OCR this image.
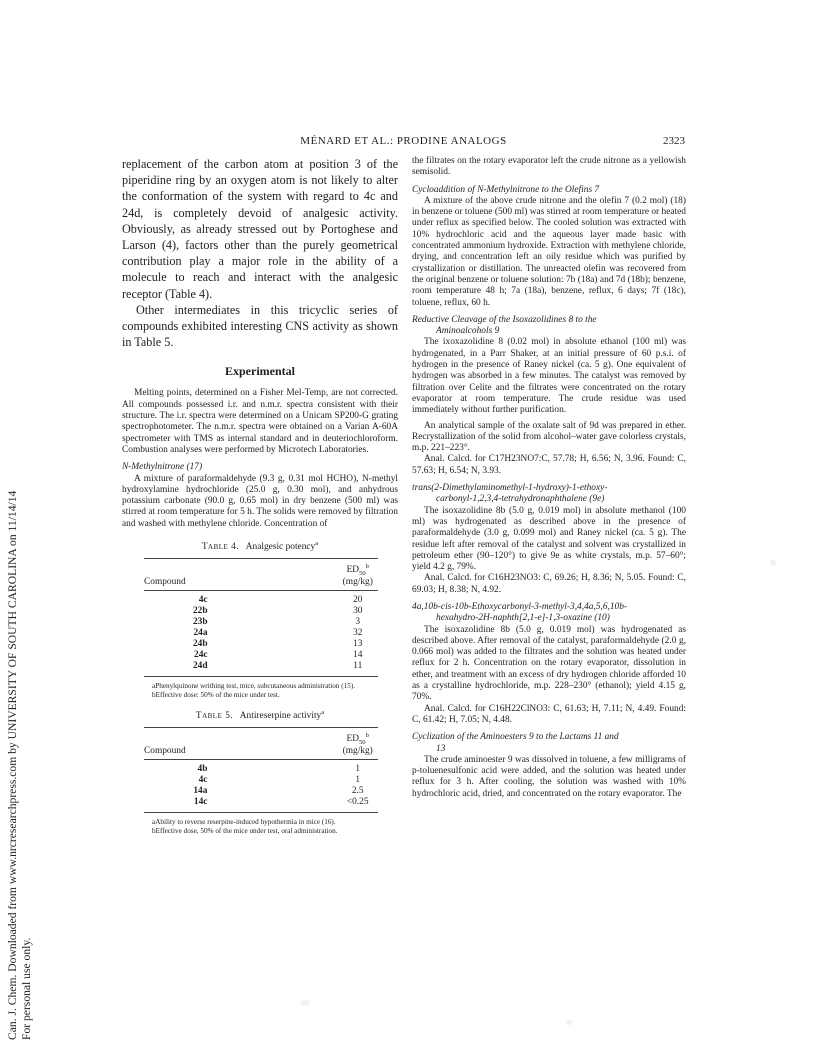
Can. J. Chem. Downloaded from www.nrcresearchpress.com by UNIVERSITY OF SOUTH CAROLINA on 11/14/14 For personal use only.
MÉNARD ET AL.: PRODINE ANALOGS	2323

replacement of the carbon atom at position 3 of the piperidine ring by an oxygen atom is not likely to alter the conformation of the system with regard to 4c and 24d, is completely devoid of analgesic activity. Obviously, as already stressed out by Portoghese and Larson (4), factors other than the purely geometrical contribution play a major role in the ability of a molecule to reach and interact with the analgesic receptor (Table 4).

Other intermediates in this tricyclic series of compounds exhibited interesting CNS activity as shown in Table 5.

Experimental

Melting points, determined on a Fisher Mel-Temp, are not corrected. All compounds possessed i.r. and n.m.r. spectra consistent with their structure. The i.r. spectra were determined on a Unicam SP200-G grating spectrophotometer. The n.m.r. spectra were obtained on a Varian A-60A spectrometer with TMS as internal standard and in deuteriochloroform. Combustion analyses were performed by Microtech Laboratories.

N-Methylnitrone (17)

A mixture of paraformaldehyde (9.3 g, 0.31 mol HCHO), N-methyl hydroxylamine hydrochloride (25.0 g, 0.30 mol), and anhydrous potassium carbonate (90.0 g, 0.65 mol) in dry benzene (500 ml) was stirred at room temperature for 5 h. The solids were removed by filtration and washed with methylene chloride. Concentration of

Table 4. Analgesic potency$^a$
Compound	$ED_{50}^b$
(mg/kg)
4c	20
22b	30
23b	3
24a	32
24b	13
24c	14
24d	11

aPhenylquinone writhing test, mice, subcutaneous administration (15).

bEffective dose: 50% of the mice under test.

Table 5. Antireserpine activity$^a$
Compound	$ED_{50}^b$
(mg/kg)
4b	1
4c	1
14a	2.5
14c	<0.25

aAbility to reverse reserpine-induced hypothermia in mice (16).

bEffective dose, 50% of the mice under test, oral administration.

the filtrates on the rotary evaporator left the crude nitrone as a yellowish semisolid.

Cycloaddition of N-Methylnitrone to the Olefins 7

A mixture of the above crude nitrone and the olefin 7 (0.2 mol) (18) in benzene or toluene (500 ml) was stirred at room temperature or heated under reflux as specified below. The cooled solution was extracted with 10% hydrochloric acid and the aqueous layer made basic with concentrated ammonium hydroxide. Extraction with methylene chloride, drying, and concentration left an oily residue which was purified by crystallization or distillation. The unreacted olefin was recovered from the original benzene or toluene solution: 7b (18a) and 7d (18b); benzene, room temperature 48 h; 7a (18a), benzene, reflux, 6 days; 7f (18c), toluene, reflux, 60 h.

Reductive Cleavage of the Isoxazolidines 8 to the
Aminoalcohols 9

The ixoxazolidine 8 (0.02 mol) in absolute ethanol (100 ml) was hydrogenated, in a Parr Shaker, at an initial pressure of 60 p.s.i. of hydrogen in the presence of Raney nickel (ca. 5 g). One equivalent of hydrogen was absorbed in a few minutes. The catalyst was removed by filtration over Celite and the filtrates were concentrated on the rotary evaporator at room temperature. The crude residue was used immediately without further purification.

An analytical sample of the oxalate salt of 9d was prepared in ether. Recrystallization of the solid from alcohol–water gave colorless crystals, m.p. 221–223°.

Anal. Calcd. for C17H23NO7:C, 57.78; H, 6.56; N, 3.96. Found: C, 57.63; H, 6.54; N, 3.93.

trans(2-Dimethylaminomethyl-1-hydroxy)-1-ethoxy-
carbonyl-1,2,3,4-tetrahydronaphthalene (9e)

The isoxazolidine 8b (5.0 g, 0.019 mol) in absolute methanol (100 ml) was hydrogenated as described above in the presence of paraformaldehyde (3.0 g, 0.099 mol) and Raney nickel (ca. 5 g). The residue left after removal of the catalyst and solvent was crystallized in petroleum ether (90–120°) to give 9e as white crystals, m.p. 57–60°; yield 4.2 g, 79%.

Anal. Calcd. for C16H23NO3: C, 69.26; H, 8.36; N, 5.05. Found: C, 69.03; H, 8.38; N, 4.92.

4a,10b-cis-10b-Ethoxycarbonyl-3-methyl-3,4,4a,5,6,10b-
hexahydro-2H-naphth[2,1-e]-1,3-oxazine (10)

The isoxazolidine 8b (5.0 g, 0.019 mol) was hydrogenated as described above. After removal of the catalyst, paraformaldehyde (2.0 g, 0.066 mol) was added to the filtrates and the solution was heated under reflux for 2 h. Concentration on the rotary evaporator, dissolution in ether, and treatment with an excess of dry hydrogen chloride afforded 10 as a crystalline hydrochloride, m.p. 228–230° (ethanol); yield 4.15 g, 70%.

Anal. Calcd. for C16H22ClNO3: C, 61.63; H, 7.11; N, 4.49. Found: C, 61.42; H, 7.05; N, 4.48.

Cyclization of the Aminoesters 9 to the Lactams 11 and
13

The crude aminoester 9 was dissolved in toluene, a few milligrams of p-toluenesulfonic acid were added, and the solution was heated under reflux for 3 h. After cooling, the solution was washed with 10% hydrochloric acid, dried, and concentrated on the rotary evaporator. The
